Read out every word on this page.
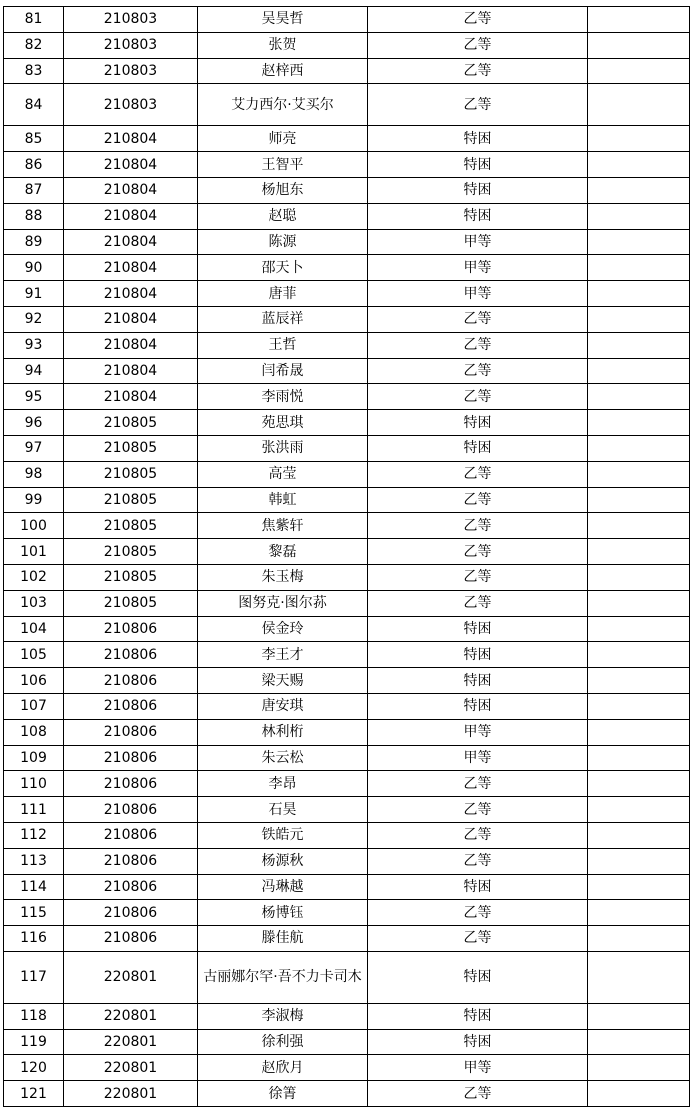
81	210803	吴昊哲	乙等	
82	210803	张贺	乙等	
83	210803	赵梓西	乙等	
84	210803	艾力西尔·艾买尔	乙等	
85	210804	师亮	特困	
86	210804	王智平	特困	
87	210804	杨旭东	特困	
88	210804	赵聪	特困	
89	210804	陈源	甲等	
90	210804	邵天卜	甲等	
91	210804	唐菲	甲等	
92	210804	蓝辰祥	乙等	
93	210804	王哲	乙等	
94	210804	闫希晟	乙等	
95	210804	李雨悦	乙等	
96	210805	苑思琪	特困	
97	210805	张洪雨	特困	
98	210805	高莹	乙等	
99	210805	韩虹	乙等	
100	210805	焦紫轩	乙等	
101	210805	黎磊	乙等	
102	210805	朱玉梅	乙等	
103	210805	图努克·图尔荪	乙等	
104	210806	侯金玲	特困	
105	210806	李王才	特困	
106	210806	梁天赐	特困	
107	210806	唐安琪	特困	
108	210806	林利桁	甲等	
109	210806	朱云松	甲等	
110	210806	李昂	乙等	
111	210806	石昊	乙等	
112	210806	铁皓元	乙等	
113	210806	杨源秋	乙等	
114	210806	冯琳越	特困	
115	210806	杨博钰	乙等	
116	210806	滕佳航	乙等	
117	220801	古丽娜尔罕·吾不力卡司木	特困	
118	220801	李淑梅	特困	
119	220801	徐利强	特困	
120	220801	赵欣月	甲等	
121	220801	徐箐	乙等	
